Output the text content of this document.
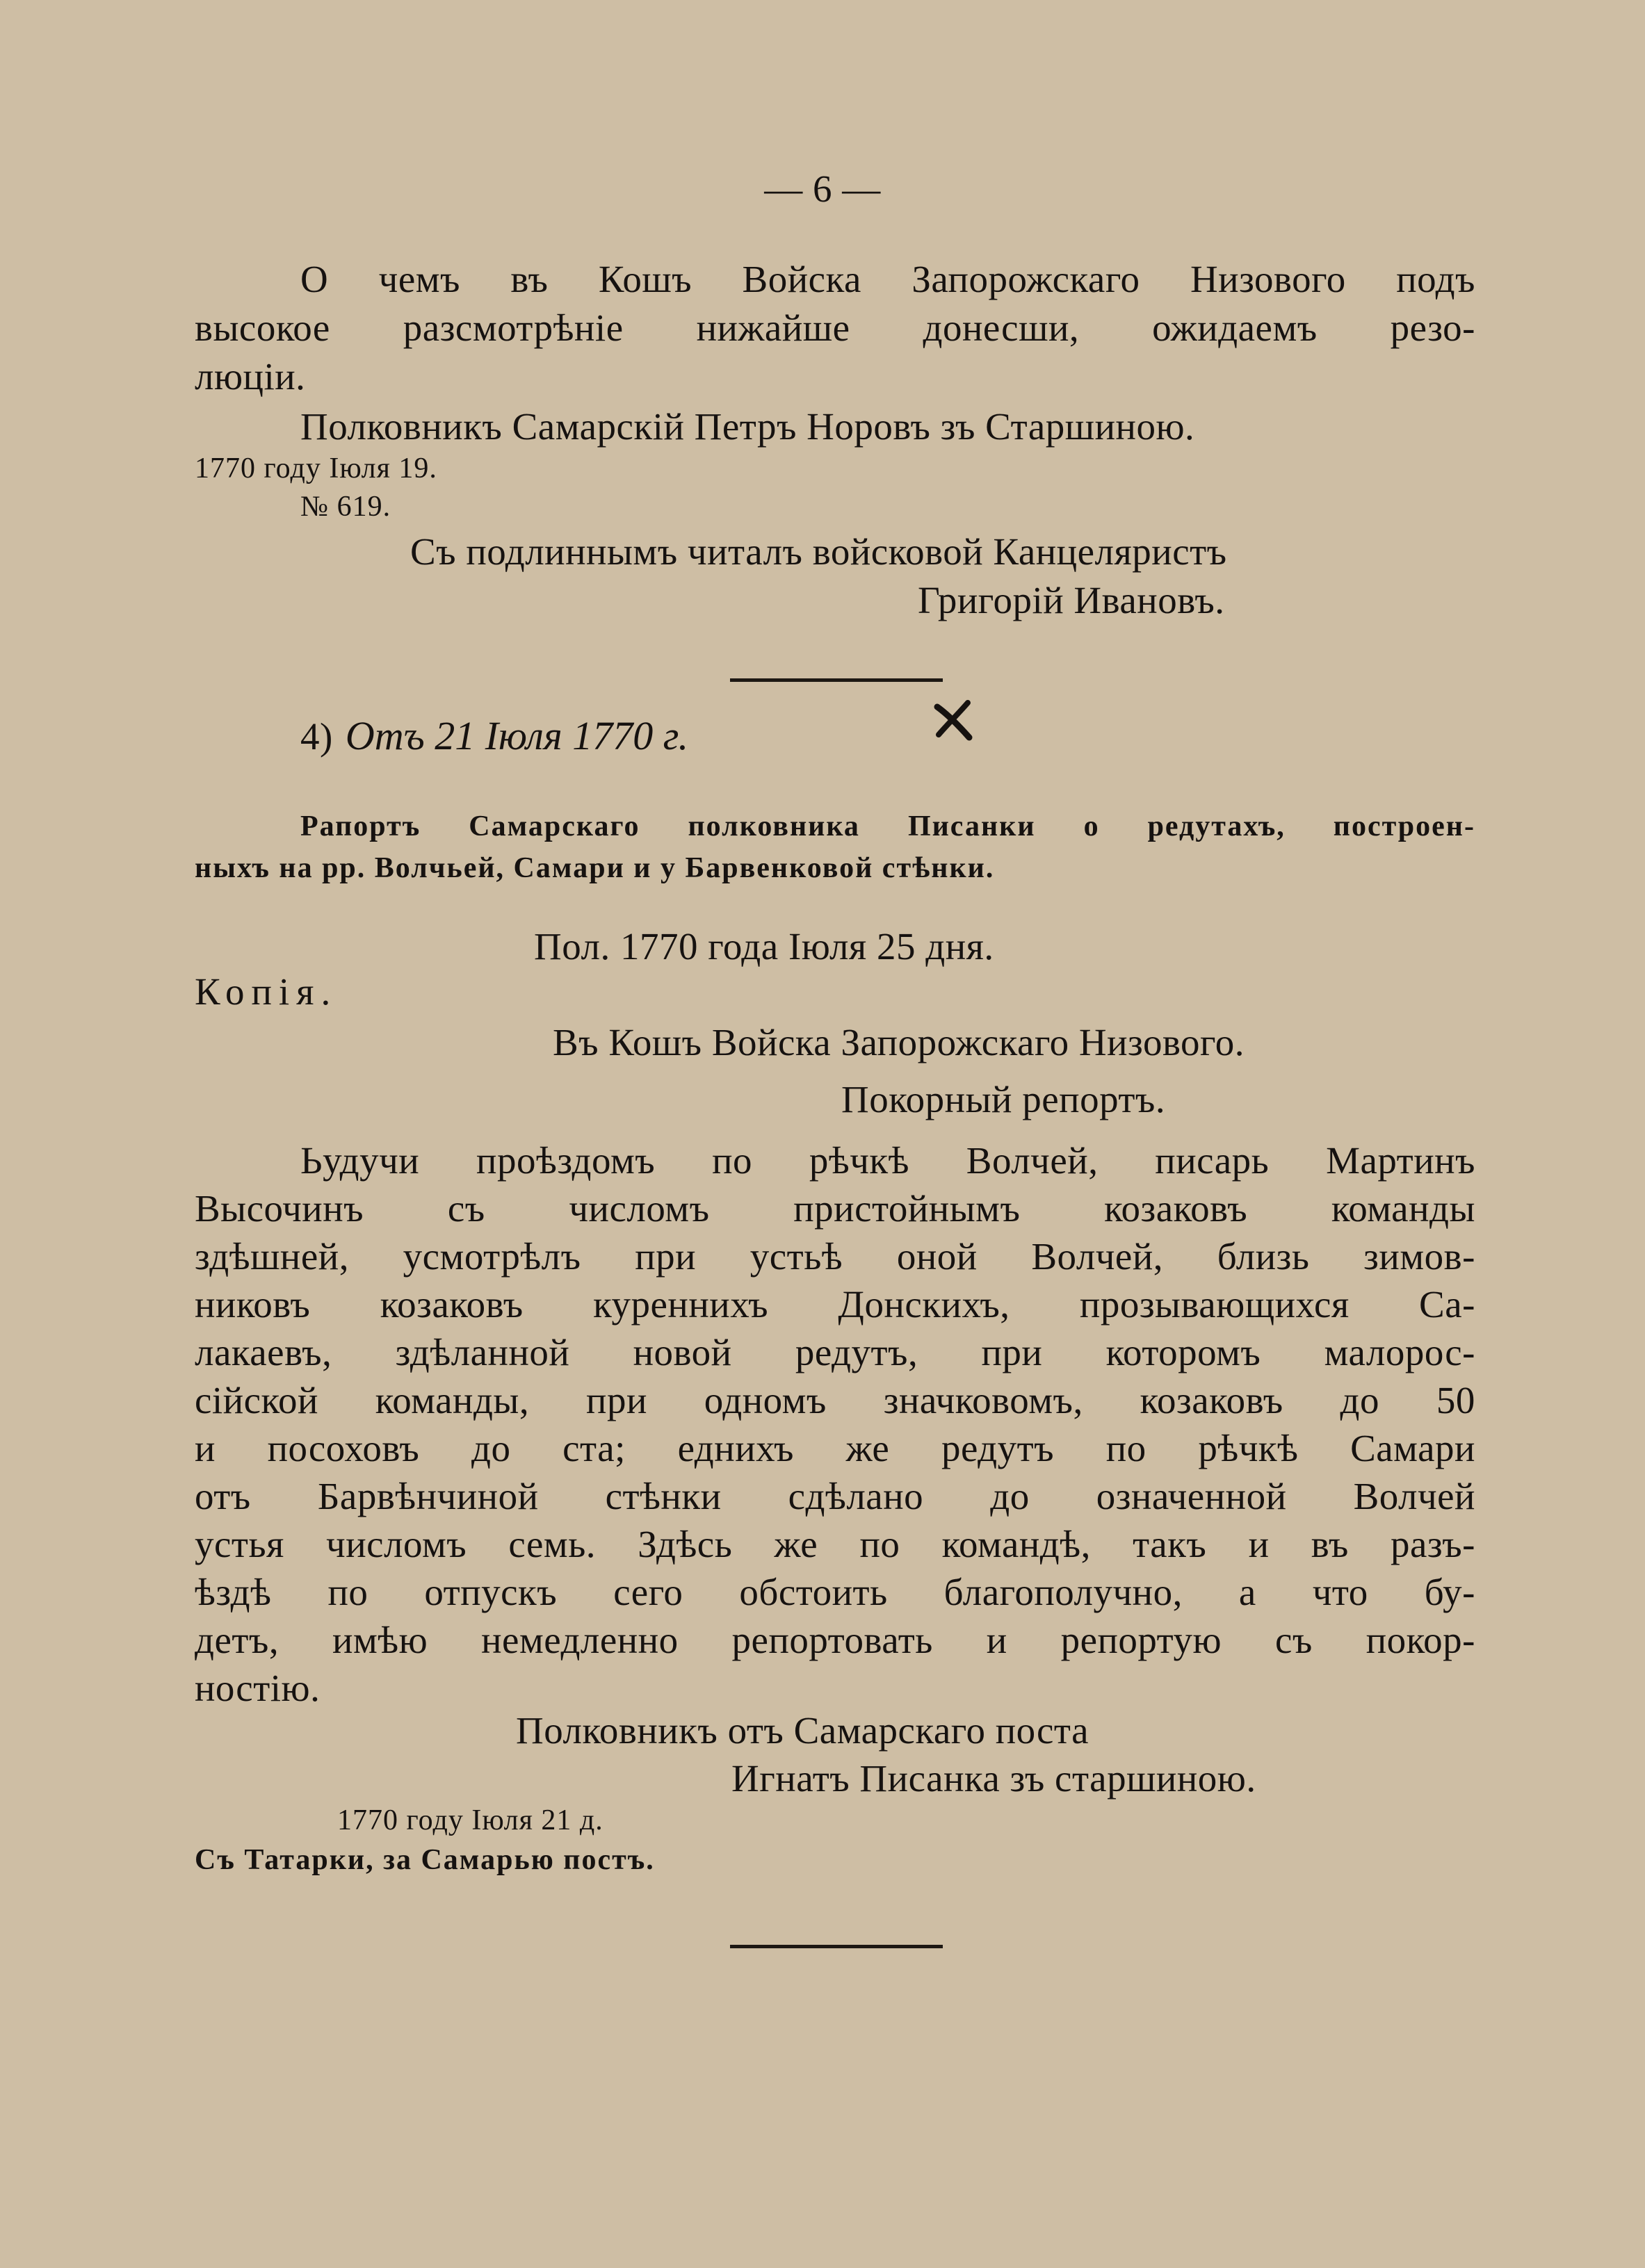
— 6 —
О чемъ въ Кошъ Войска Запорожскаго Низового подъ
высокое разсмотрѣніе нижайше донесши, ожидаемъ резо-
люціи.
Полковникъ Самарскій Петръ Норовъ зъ Старшиною.
1770 году Іюля 19.
№ 619.
Съ подлиннымъ читалъ войсковой Канцеляристъ
Григорій Ивановъ.
4) Отъ 21 Іюля 1770 г.
Рапортъ Самарскаго полковника Писанки о редутахъ, построен-
ныхъ на рр. Волчьей, Самари и у Барвенковой стѣнки.
Пол. 1770 года Іюля 25 дня.
Копія.
Въ Кошъ Войска Запорожскаго Низового.
Покорный репортъ.
Ьудучи проѣздомъ по рѣчкѣ Волчей, писарь Мартинъ
Высочинъ съ числомъ пристойнымъ козаковъ команды
здѣшней, усмотрѣлъ при устьѣ оной Волчей, близь зимов-
никовъ козаковъ куреннихъ Донскихъ, прозывающихся Са-
лакаевъ, здѣланной новой редутъ, при которомъ малорос-
сійской команды, при одномъ значковомъ, козаковъ до 50
и посоховъ до ста; еднихъ же редутъ по рѣчкѣ Самари
отъ Барвѣнчиной стѣнки сдѣлано до означенной Волчей
устья числомъ семь. Здѣсь же по командѣ, такъ и въ разъ-
ѣздѣ по отпускъ сего обстоить благополучно, а что бу-
детъ, имѣю немедленно репортовать и репортую съ покор-
ностію.
Полковникъ отъ Самарскаго поста
Игнатъ Писанка зъ старшиною.
1770 году Іюля 21 д.
Съ Татарки, за Самарью постъ.
